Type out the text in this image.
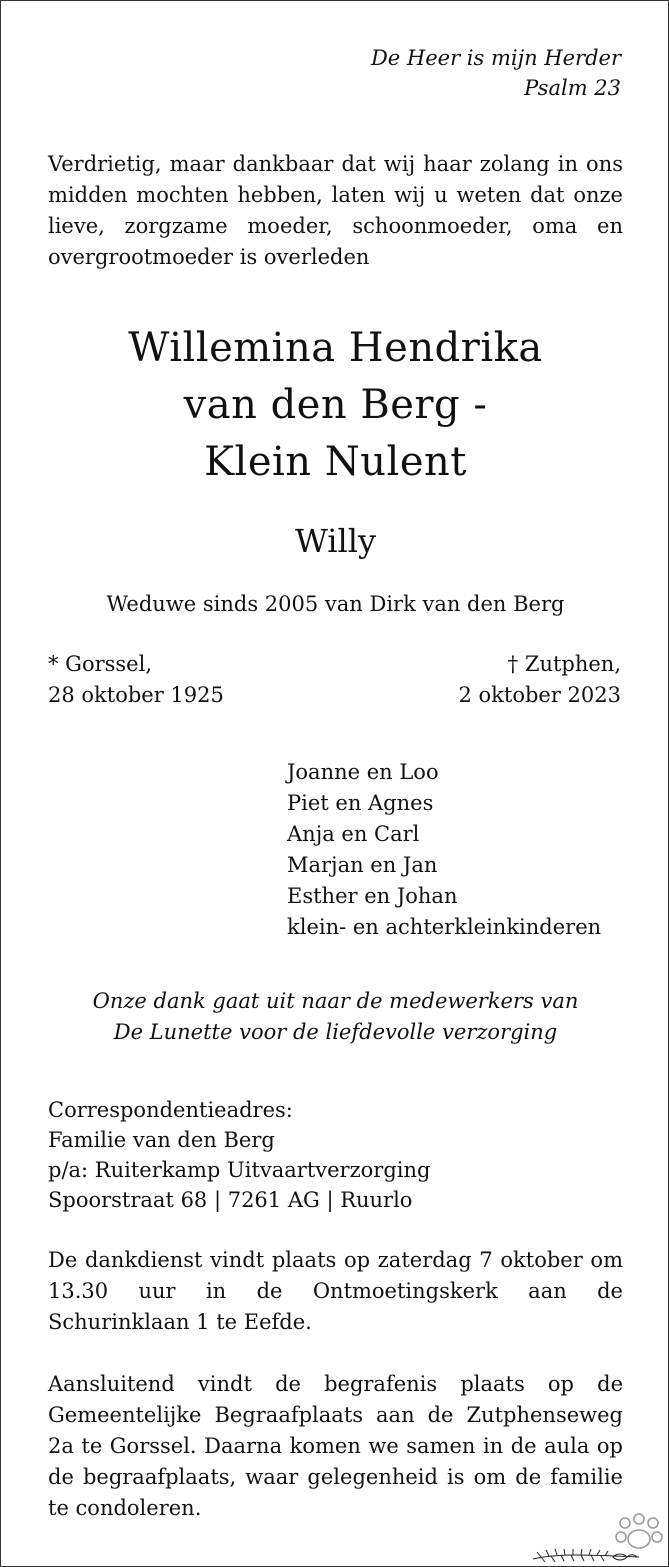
De Heer is mijn Herder
Psalm 23

Verdrietig, maar dankbaar dat wij haar zolang in ons midden mochten hebben, laten wij u weten dat onze lieve, zorgzame moeder, schoonmoeder, oma en overgrootmoeder is overleden

Willemina Hendrika
van den Berg -
Klein Nulent
Willy
Weduwe sinds 2005 van Dirk van den Berg
* Gorssel,
28 oktober 1925
† Zutphen,
2 oktober 2023
Joanne en Loo
Piet en Agnes
Anja en Carl
Marjan en Jan
Esther en Johan
klein- en achterkleinkinderen
Onze dank gaat uit naar de medewerkers van
De Lunette voor de liefdevolle verzorging
Correspondentieadres:
Familie van den Berg
p/a: Ruiterkamp Uitvaartverzorging
Spoorstraat 68 | 7261 AG | Ruurlo

De dankdienst vindt plaats op zaterdag 7 oktober om 13.30 uur in de Ontmoetingskerk aan de Schurinklaan 1 te Eefde.

Aansluitend vindt de begrafenis plaats op de Gemeentelijke Begraafplaats aan de Zutphenseweg 2a te Gorssel. Daarna komen we samen in de aula op de begraafplaats, waar gelegenheid is om de familie te condoleren.
